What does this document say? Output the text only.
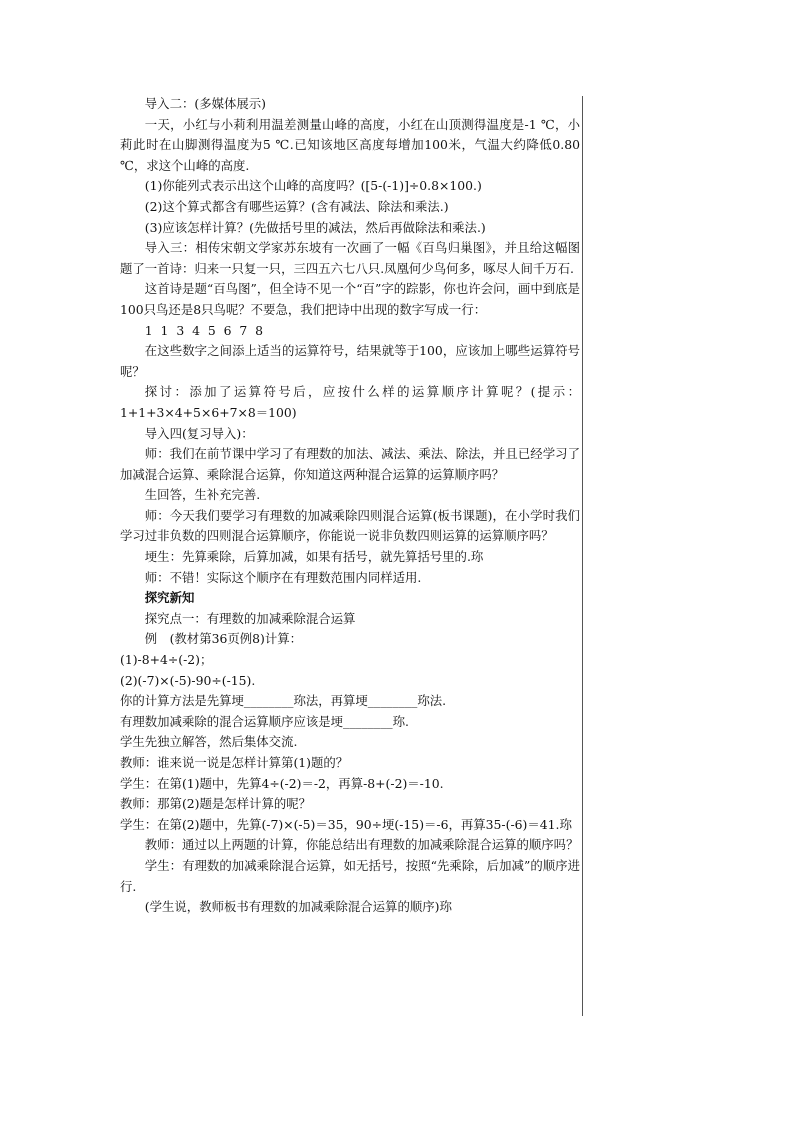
导入二：(多媒体展示)

一天，小红与小莉利用温差测量山峰的高度，小红在山顶测得温度是-1 ℃，小莉此时在山脚测得温度为5 ℃.已知该地区高度每增加100米，气温大约降低0.80 ℃，求这个山峰的高度.

(1)你能列式表示出这个山峰的高度吗？([5-(-1)]÷0.8×100.)

(2)这个算式都含有哪些运算？(含有减法、除法和乘法.)

(3)应该怎样计算？(先做括号里的减法，然后再做除法和乘法.)

导入三：相传宋朝文学家苏东坡有一次画了一幅《百鸟归巢图》，并且给这幅图题了一首诗：归来一只复一只，三四五六七八只.凤凰何少鸟何多，啄尽人间千万石.

这首诗是题“百鸟图”，但全诗不见一个“百”字的踪影，你也许会问，画中到底是100只鸟还是8只鸟呢？不要急，我们把诗中出现的数字写成一行：

1  1  3  4  5  6  7  8

在这些数字之间添上适当的运算符号，结果就等于100，应该加上哪些运算符号呢？

探讨：添加了运算符号后，应按什么样的运算顺序计算呢？(提示：1+1+3×4+5×6+7×8＝100)

导入四(复习导入)：

师：我们在前节课中学习了有理数的加法、减法、乘法、除法，并且已经学习了加减混合运算、乘除混合运算，你知道这两种混合运算的运算顺序吗？

生回答，生补充完善.

师：今天我们要学习有理数的加减乘除四则混合运算(板书课题)，在小学时我们学习过非负数的四则混合运算顺序，你能说一说非负数四则运算的运算顺序吗？

埂生：先算乘除，后算加减，如果有括号，就先算括号里的.珎

师：不错！实际这个顺序在有理数范围内同样适用.

探究新知

探究点一：有理数的加减乘除混合运算

例　(教材第36页例8)计算：

(1)-8+4÷(-2)；

(2)(-7)×(-5)-90÷(-15).

你的计算方法是先算埂________珎法，再算埂________珎法.

有理数加减乘除的混合运算顺序应该是埂________珎.

学生先独立解答，然后集体交流.

教师：谁来说一说是怎样计算第(1)题的？

学生：在第(1)题中，先算4÷(-2)＝-2，再算-8+(-2)＝-10.

教师：那第(2)题是怎样计算的呢？

学生：在第(2)题中，先算(-7)×(-5)＝35，90÷埂(-15)＝-6，再算35-(-6)＝41.珎

教师：通过以上两题的计算，你能总结出有理数的加减乘除混合运算的顺序吗？

学生：有理数的加减乘除混合运算，如无括号，按照“先乘除，后加减”的顺序进行.

(学生说，教师板书有理数的加减乘除混合运算的顺序)珎
